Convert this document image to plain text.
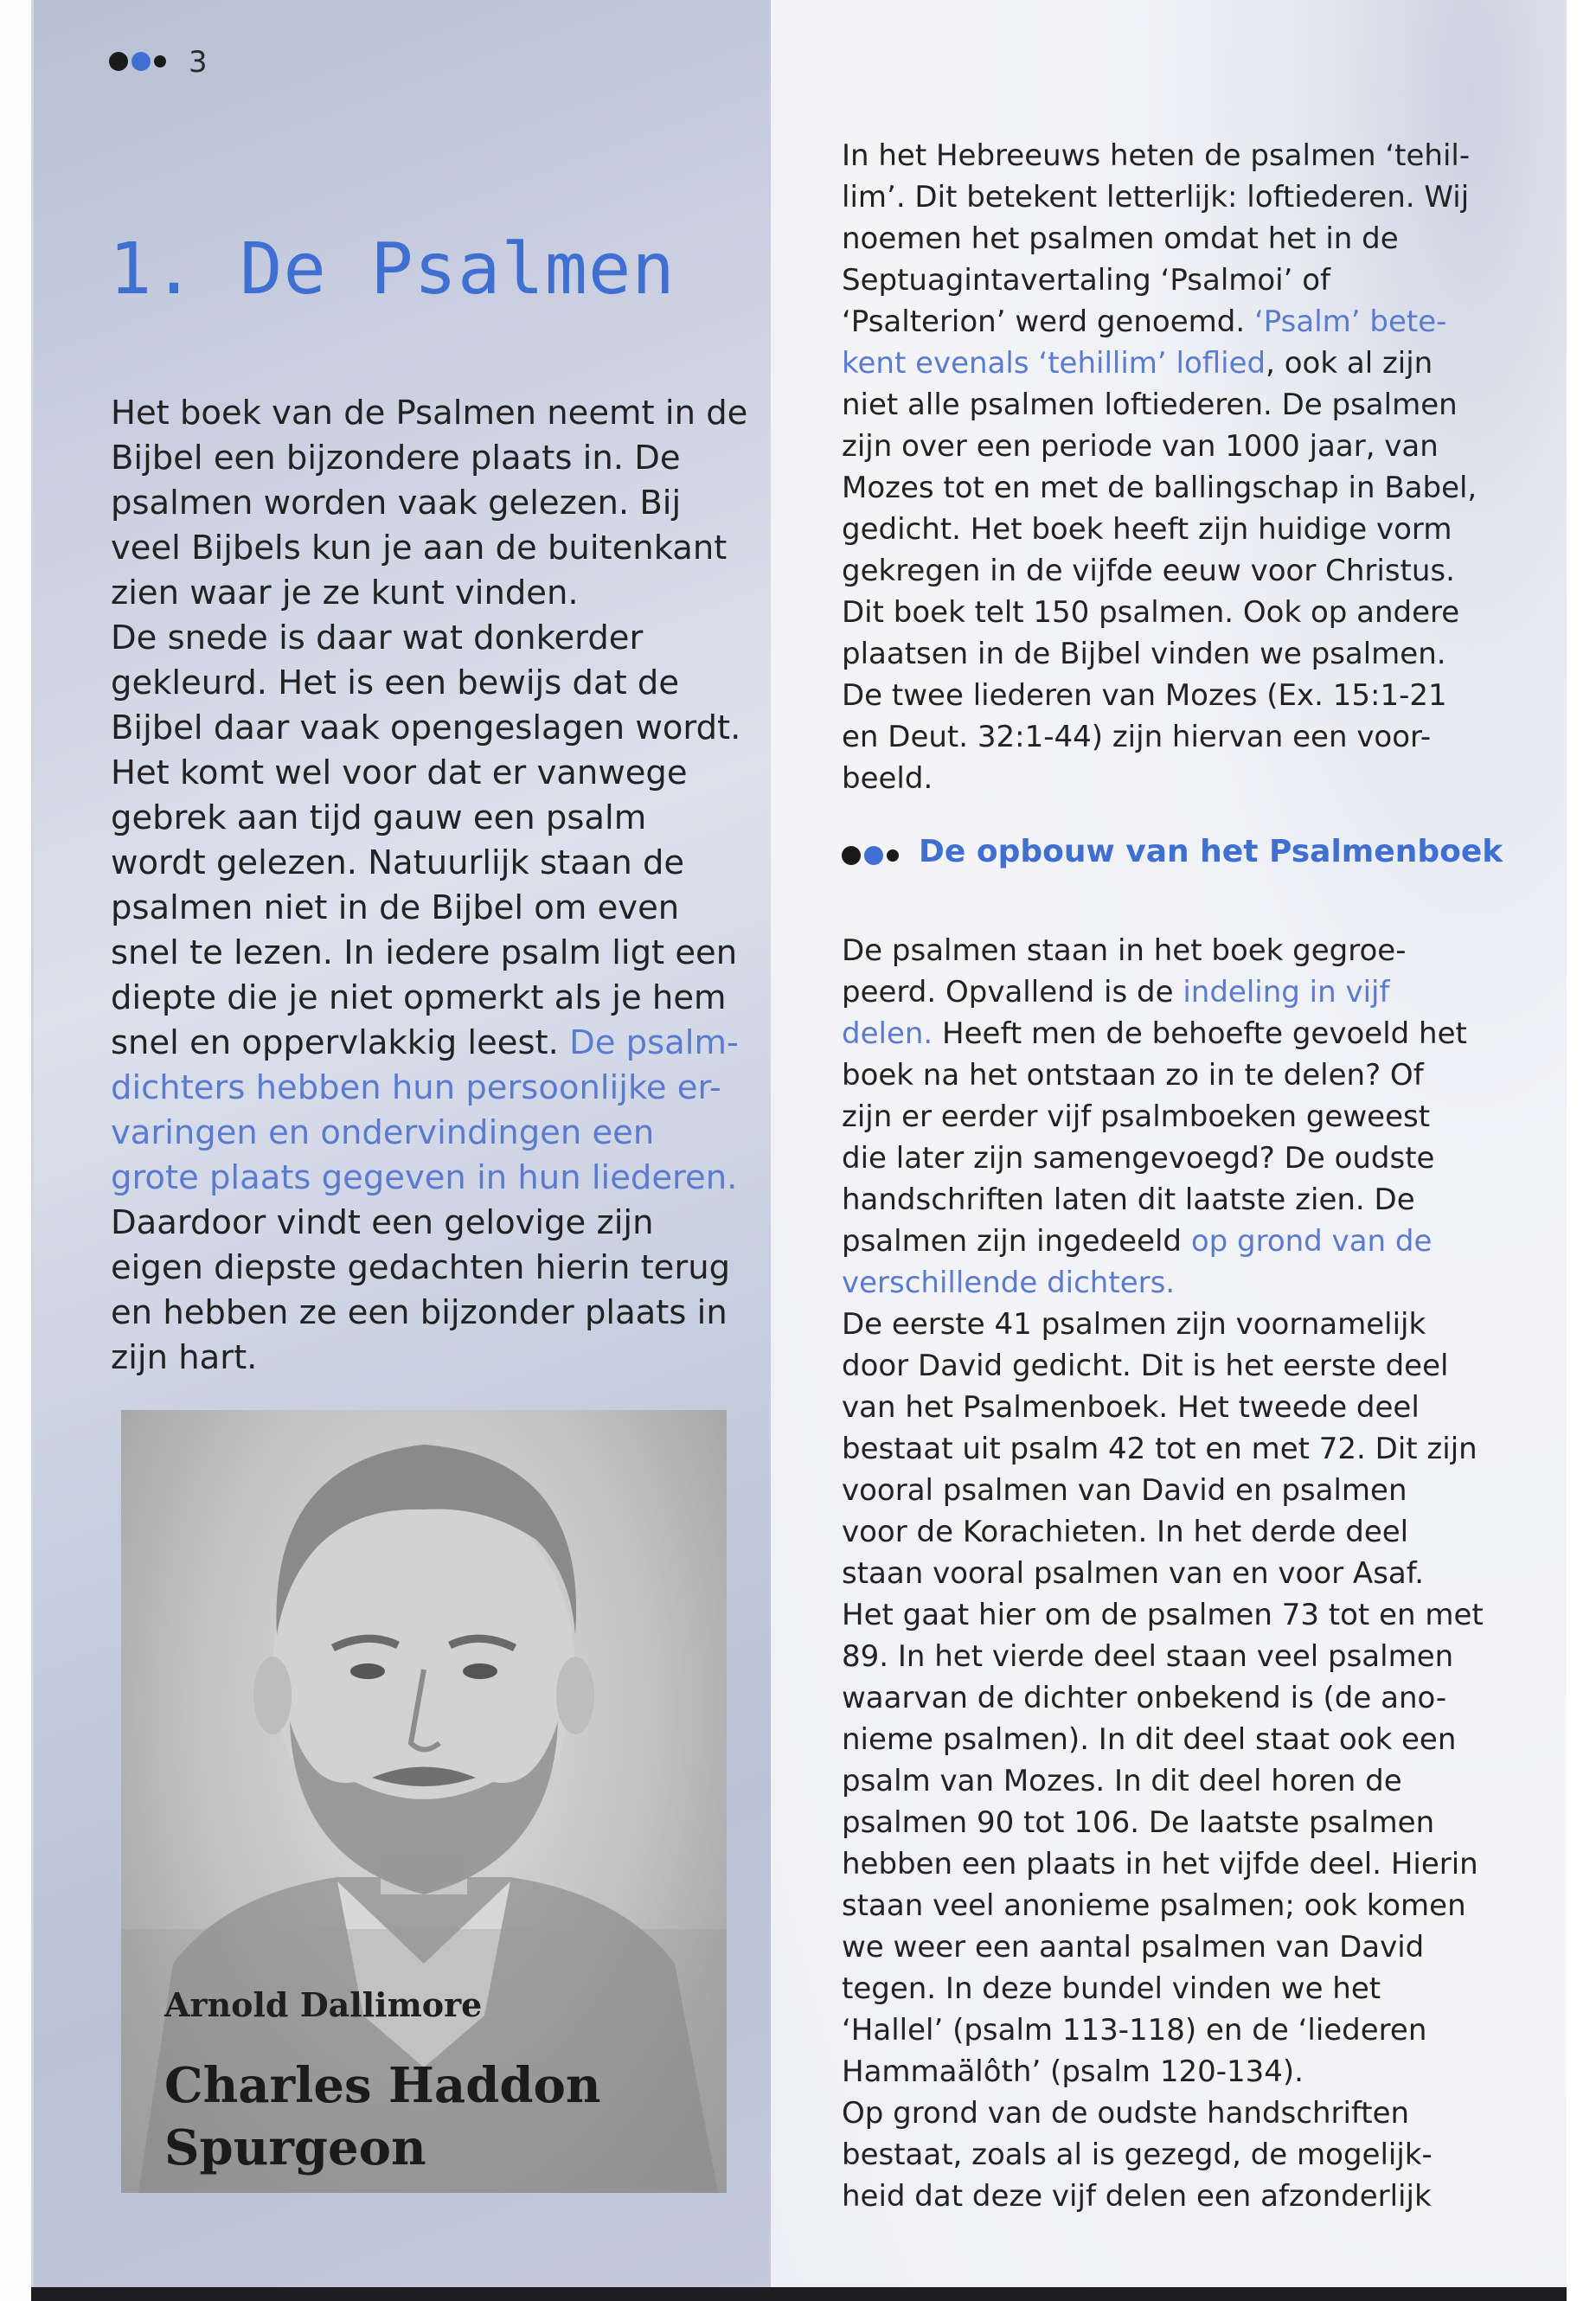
3
1. De Psalmen

Het boek van de Psalmen neemt in de

Bijbel een bijzondere plaats in. De

psalmen worden vaak gelezen. Bij

veel Bijbels kun je aan de buitenkant

zien waar je ze kunt vinden.

De snede is daar wat donkerder

gekleurd. Het is een bewijs dat de

Bijbel daar vaak opengeslagen wordt.

Het komt wel voor dat er vanwege

gebrek aan tijd gauw een psalm

wordt gelezen. Natuurlijk staan de

psalmen niet in de Bijbel om even

snel te lezen. In iedere psalm ligt een

diepte die je niet opmerkt als je hem

snel en oppervlakkig leest. De psalm-

dichters hebben hun persoonlijke er-

varingen en ondervindingen een

grote plaats gegeven in hun liederen.

Daardoor vindt een gelovige zijn

eigen diepste gedachten hierin terug

en hebben ze een bijzonder plaats in

zijn hart.

Arnold Dallimore

Charles Haddon
Spurgeon

In het Hebreeuws heten de psalmen ‘tehil-

lim’. Dit betekent letterlijk: loftiederen. Wij

noemen het psalmen omdat het in de

Septuagintavertaling ‘Psalmoi’ of

‘Psalterion’ werd genoemd. ‘Psalm’ bete-

kent evenals ‘tehillim’ loflied, ook al zijn

niet alle psalmen loftiederen. De psalmen

zijn over een periode van 1000 jaar, van

Mozes tot en met de ballingschap in Babel,

gedicht. Het boek heeft zijn huidige vorm

gekregen in de vijfde eeuw voor Christus.

Dit boek telt 150 psalmen. Ook op andere

plaatsen in de Bijbel vinden we psalmen.

De twee liederen van Mozes (Ex. 15:1-21

en Deut. 32:1-44) zijn hiervan een voor-

beeld.

De opbouw van het Psalmenboek

De psalmen staan in het boek gegroe-

peerd. Opvallend is de indeling in vijf

delen. Heeft men de behoefte gevoeld het

boek na het ontstaan zo in te delen? Of

zijn er eerder vijf psalmboeken geweest

die later zijn samengevoegd? De oudste

handschriften laten dit laatste zien. De

psalmen zijn ingedeeld op grond van de

verschillende dichters.

De eerste 41 psalmen zijn voornamelijk

door David gedicht. Dit is het eerste deel

van het Psalmenboek. Het tweede deel

bestaat uit psalm 42 tot en met 72. Dit zijn

vooral psalmen van David en psalmen

voor de Korachieten. In het derde deel

staan vooral psalmen van en voor Asaf.

Het gaat hier om de psalmen 73 tot en met

89. In het vierde deel staan veel psalmen

waarvan de dichter onbekend is (de ano-

nieme psalmen). In dit deel staat ook een

psalm van Mozes. In dit deel horen de

psalmen 90 tot 106. De laatste psalmen

hebben een plaats in het vijfde deel. Hierin

staan veel anonieme psalmen; ook komen

we weer een aantal psalmen van David

tegen. In deze bundel vinden we het

‘Hallel’ (psalm 113-118) en de ‘liederen

Hammaälôth’ (psalm 120-134).

Op grond van de oudste handschriften

bestaat, zoals al is gezegd, de mogelijk-

heid dat deze vijf delen een afzonderlijk
